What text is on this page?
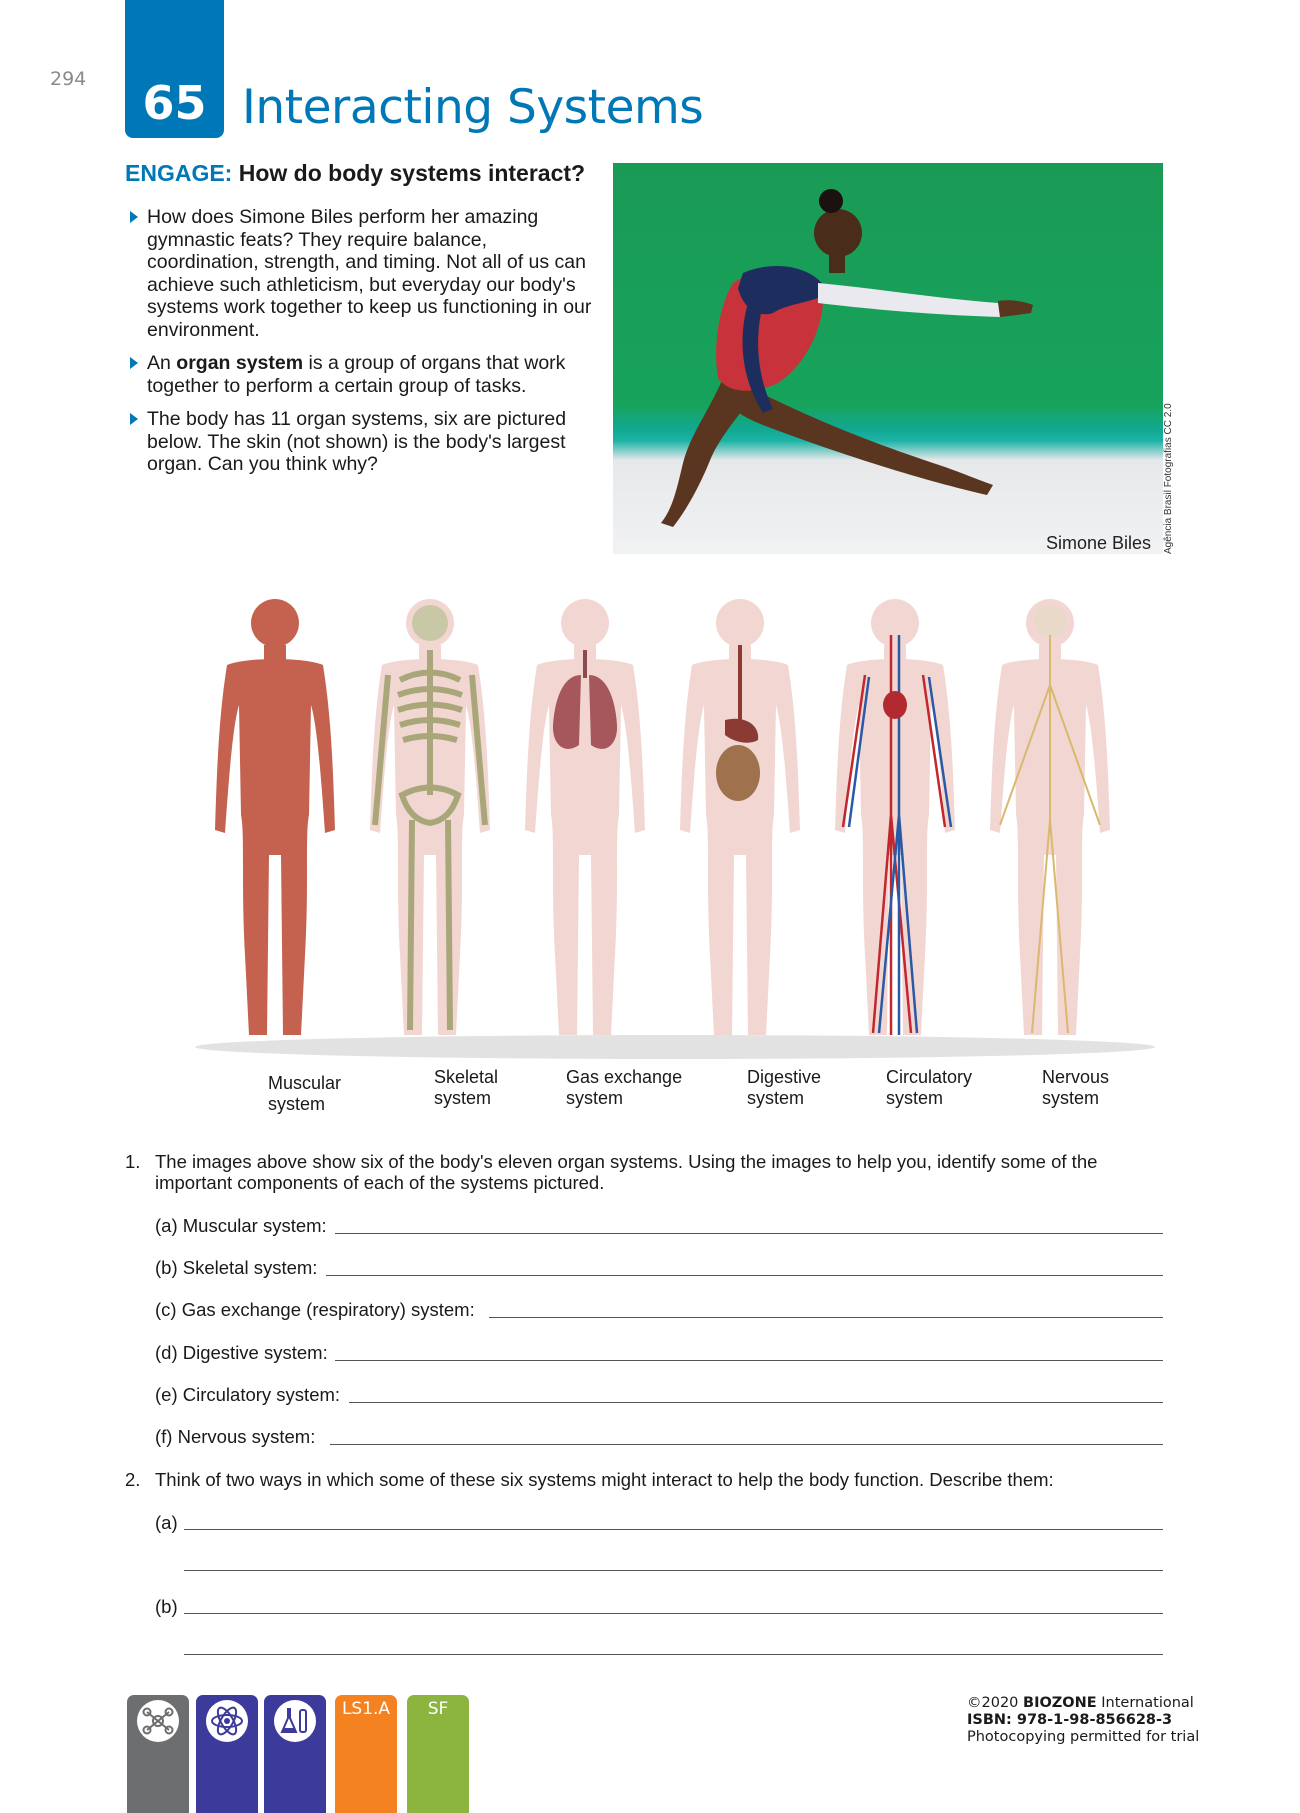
294	65 Interacting Systems
ENGAGE: How do body systems interact?
How does Simone Biles perform her amazing gymnastic feats? They require balance, coordination, strength, and timing. Not all of us can achieve such athleticism, but everyday our body's systems work together to keep us functioning in our environment.
An organ system is a group of organs that work together to perform a certain group of tasks.
The body has 11 organ systems, six are pictured below. The skin (not shown) is the body's largest organ. Can you think why?
Simone Biles Agência Brasil Fotografias CC 2.0
Muscular
system
Skeletal
system
Gas exchange
system
Digestive
system
Circulatory
system
Nervous
system
1. The images above show six of the body's eleven organ systems. Using the images to help you, identify some of the important components of each of the systems pictured.
(a) Muscular system:
(b) Skeletal system:
(c) Gas exchange (respiratory) system:
(d) Digestive system:
(e) Circulatory system:
(f) Nervous system:
2. Think of two ways in which some of these six systems might interact to help the body function. Describe them:
(a)
(b)
LS1.A	SF	©2020 BIOZONE International
ISBN: 978-1-98-856628-3
Photocopying permitted for trial
